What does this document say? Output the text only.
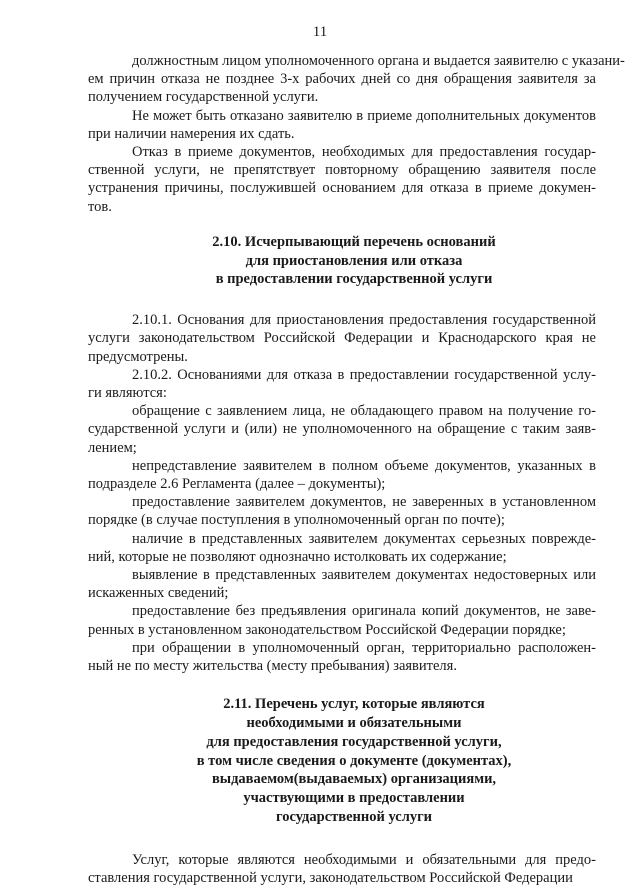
11
должностным лицом уполномоченного органа и выдается заявителю с указани-
ем причин отказа не позднее 3-х рабочих дней со дня обращения заявителя за
получением государственной услуги.
Не может быть отказано заявителю в приеме дополнительных документов
при наличии намерения их сдать.
Отказ в приеме документов, необходимых для предоставления государ-
ственной услуги, не препятствует повторному обращению заявителя после
устранения причины, послужившей основанием для отказа в приеме докумен-
тов.
2.10. Исчерпывающий перечень оснований
для приостановления или отказа
в предоставлении государственной услуги
2.10.1. Основания для приостановления предоставления государственной
услуги законодательством Российской Федерации и Краснодарского края не
предусмотрены.
2.10.2. Основаниями для отказа в предоставлении государственной услу-
ги являются:
обращение с заявлением лица, не обладающего правом на получение го-
сударственной услуги и (или) не уполномоченного на обращение с таким заяв-
лением;
непредставление заявителем в полном объеме документов, указанных в
подразделе 2.6 Регламента (далее – документы);
предоставление заявителем документов, не заверенных в установленном
порядке (в случае поступления в уполномоченный орган по почте);
наличие в представленных заявителем документах серьезных поврежде-
ний, которые не позволяют однозначно истолковать их содержание;
выявление в представленных заявителем документах недостоверных или
искаженных сведений;
предоставление без предъявления оригинала копий документов, не заве-
ренных в установленном законодательством Российской Федерации порядке;
при обращении в уполномоченный орган, территориально расположен-
ный не по месту жительства (месту пребывания) заявителя.
2.11. Перечень услуг, которые являются
необходимыми и обязательными
для предоставления государственной услуги,
в том числе сведения о документе (документах),
выдаваемом(выдаваемых) организациями,
участвующими в предоставлении
государственной услуги
Услуг, которые являются необходимыми и обязательными для предо-
ставления государственной услуги, законодательством Российской Федерации
